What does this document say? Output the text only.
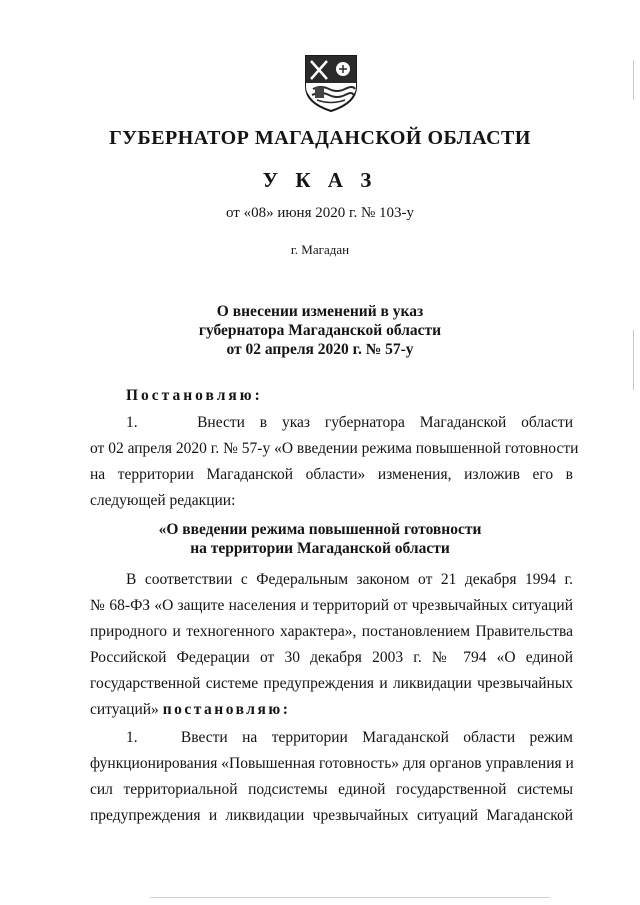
ГУБЕРНАТОР МАГАДАНСКОЙ ОБЛАСТИ
У К А З
от «08» июня 2020 г. № 103-у
г. Магадан
О внесении изменений в указ
губернатора Магаданской области
от 02 апреля 2020 г. № 57-у
Постановляю:
1.    Внести в указ губернатора Магаданской области
от 02 апреля 2020 г. № 57-у «О введении режима повышенной готовности
на территории Магаданской области» изменения, изложив его в
следующей редакции:
«О введении режима повышенной готовности
на территории Магаданской области
В соответствии с Федеральным законом от 21 декабря 1994 г.
№ 68-ФЗ «О защите населения и территорий от чрезвычайных ситуаций
природного и техногенного характера», постановлением Правительства
Российской Федерации от 30 декабря 2003 г. № 794 «О единой
государственной системе предупреждения и ликвидации чрезвычайных
ситуаций» постановляю:
1.   Ввести на территории Магаданской области режим
функционирования «Повышенная готовность» для органов управления и
сил территориальной подсистемы единой государственной системы
предупреждения и ликвидации чрезвычайных ситуаций Магаданской
